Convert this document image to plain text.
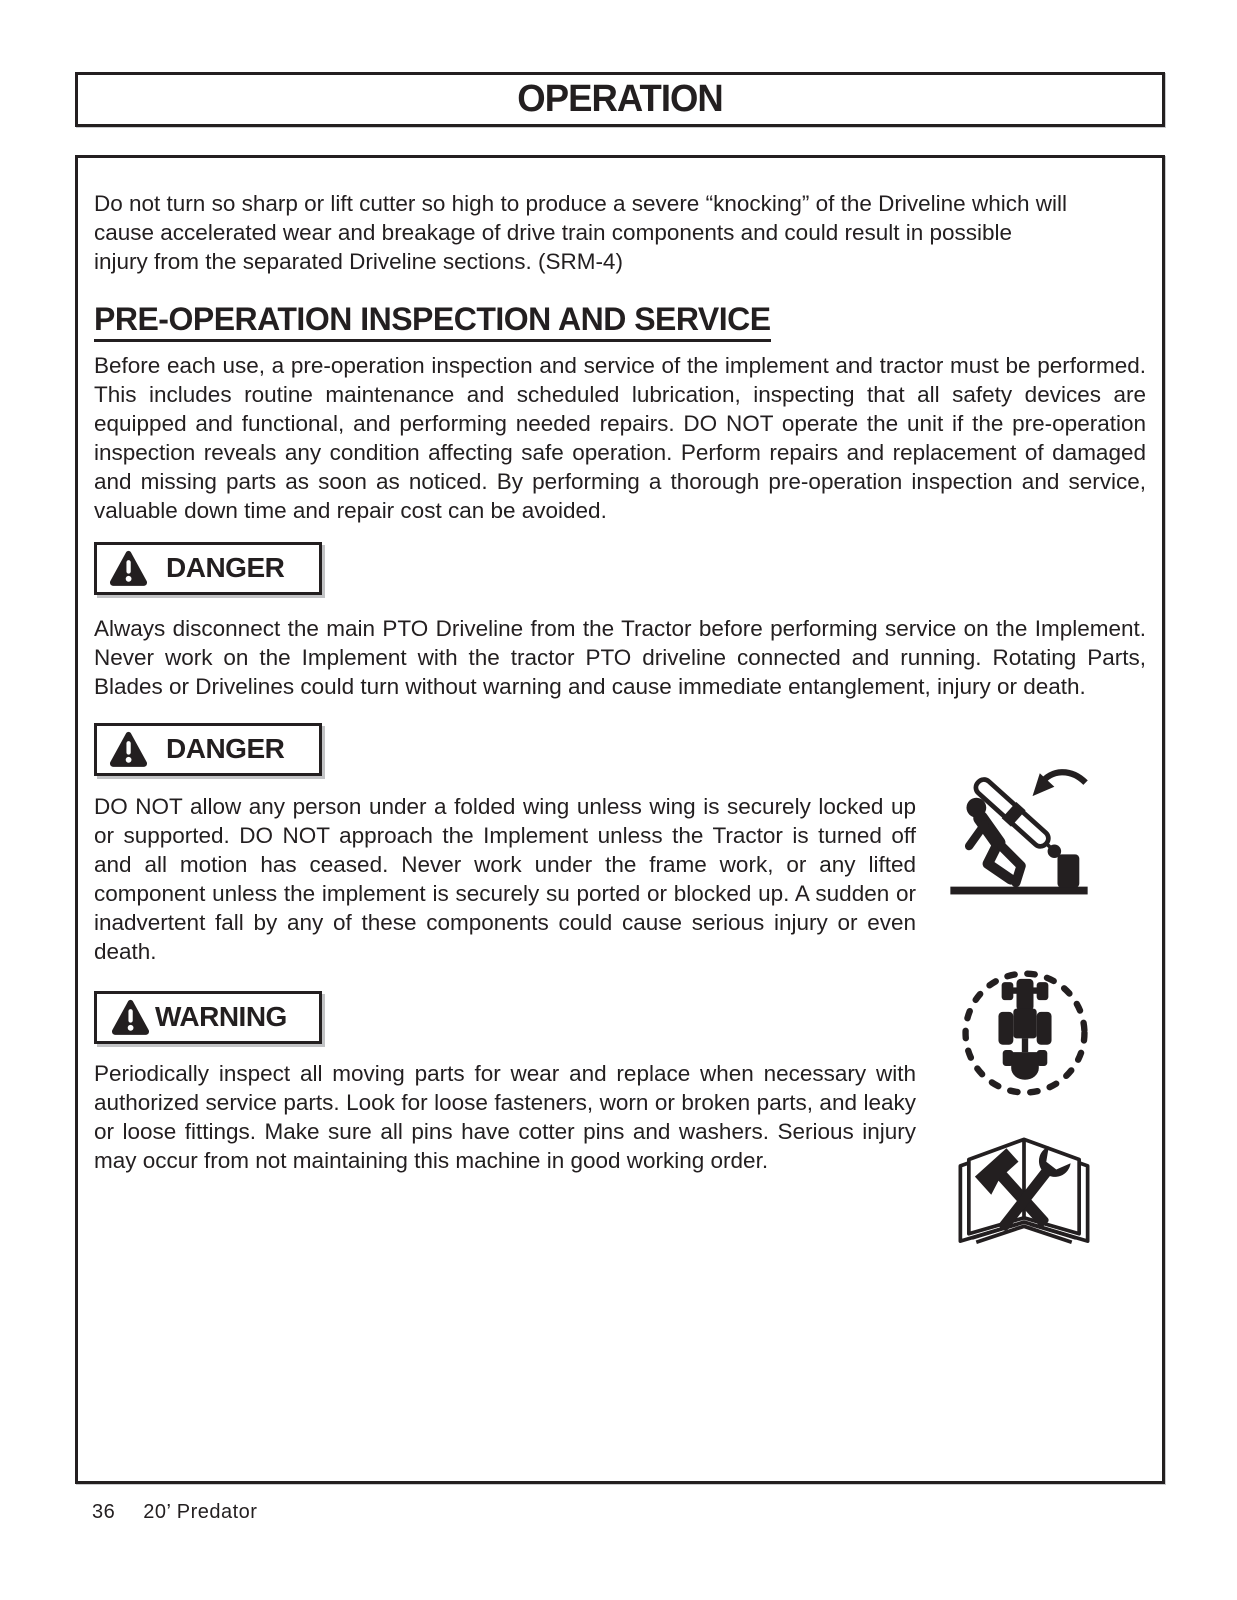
OPERATION

Do not turn so sharp or lift cutter so high to produce a severe “knocking” of the Driveline which will cause accelerated wear and breakage of drive train components and could result in possible injury from the separated Driveline sections. (SRM-4)

PRE-OPERATION INSPECTION AND SERVICE

Before each use, a pre-operation inspection and service of the implement and tractor must be performed. This includes routine maintenance and scheduled lubrication, inspecting that all safety devices are equipped and functional, and performing needed repairs. DO NOT operate the unit if the pre-operation inspection reveals any condition affecting safe operation. Perform repairs and replacement of damaged and missing parts as soon as noticed. By performing a thorough pre-operation inspection and service, valuable down time and repair cost can be avoided.

DANGER

Always disconnect the main PTO Driveline from the Tractor before performing service on the Implement. Never work on the Implement with the tractor PTO driveline connected and running. Rotating Parts, Blades or Drivelines could turn without warning and cause immediate entanglement, injury or death.

DANGER

DO NOT allow any person under a folded wing unless wing is securely locked up or supported. DO NOT approach the Implement unless the Tractor is turned off and all motion has ceased. Never work under the frame work, or any lifted component unless the implement is securely su ported or blocked up. A sudden or inadvertent fall by any of these components could cause serious injury or even death.

WARNING

Periodically inspect all moving parts for wear and replace when necessary with authorized service parts. Look for loose fasteners, worn or broken parts, and leaky or loose fittings. Make sure all pins have cotter pins and washers. Serious injury may occur from not maintaining this machine in good working order.

36 20’ Predator
